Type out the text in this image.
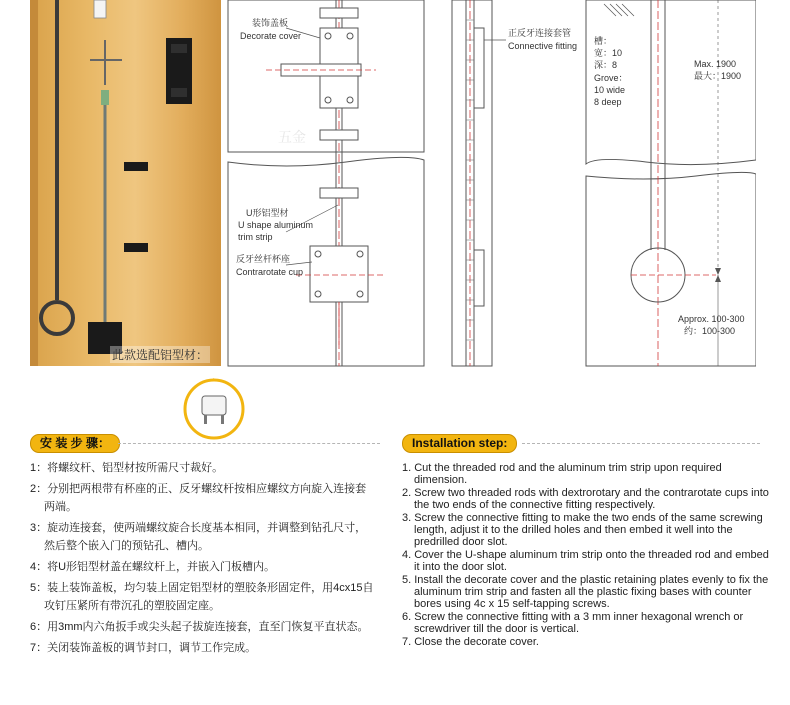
此款选配铝型材：
装饰盖板
Decorate cover
U形铝型材
U shape aluminum
trim strip
反牙丝杆杯座
Contrarotate cup
五金
正反牙连接套管
Connective fitting 槽：
宽：10
深：8
Grove：
10 wide
8 deep
Max. 1900
最大：1900
Approx. 100-300
约：100-300
安 装 步 骤：
1：将螺纹杆、铝型材按所需尺寸裁好。
2：分别把两根带有杯座的正、反牙螺纹杆按相应螺纹方向旋入连接套两端。
3：旋动连接套，使两端螺纹旋合长度基本相同，并调整到钻孔尺寸，然后整个嵌入门的预钻孔、槽内。
4：将U形铝型材盖在螺纹杆上，并嵌入门板槽内。
5：装上装饰盖板，均匀装上固定铝型材的塑胶条形固定件，用4cx15自攻钉压紧所有带沉孔的塑胶固定座。
6：用3mm内六角扳手或尖头起子拔旋连接套，直至门恢复平直状态。
7：关闭装饰盖板的调节封口，调节工作完成。
Installation step:
1. Cut the threaded rod and the aluminum trim strip upon required dimension.
2. Screw two threaded rods with dextrorotary and the contrarotate cups into the two ends of the connective fitting respectively.
3. Screw the connective fitting to make the two ends of the same screwing length, adjust it to the drilled holes and then embed it well into the predrilled door slot.
4. Cover the U-shape aluminum trim strip onto the threaded rod and embed it into the door slot.
5. Install the decorate cover and the plastic retaining plates evenly to fix the aluminum trim strip and fasten all the plastic fixing bases with counter bores using 4c x 15 self-tapping screws.
6. Screw the connective fitting with a 3 mm inner hexagonal wrench or screwdriver till the door is vertical.
7. Close the decorate cover.
